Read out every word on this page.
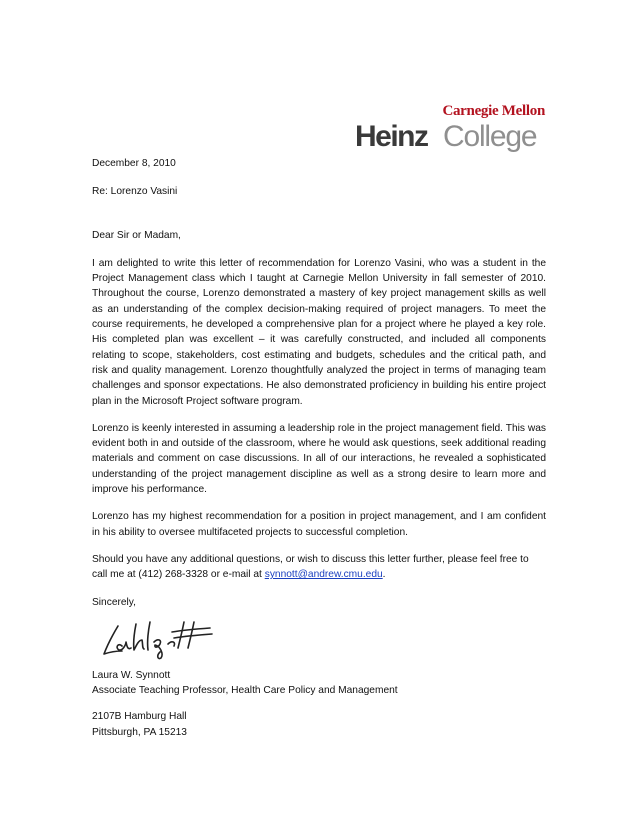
Carnegie Mellon
Heinz College

December 8, 2010

Re: Lorenzo Vasini

Dear Sir or Madam,

I am delighted to write this letter of recommendation for Lorenzo Vasini, who was a student in the Project Management class which I taught at Carnegie Mellon University in fall semester of 2010. Throughout the course, Lorenzo demonstrated a mastery of key project management skills as well as an understanding of the complex decision-making required of project managers. To meet the course requirements, he developed a comprehensive plan for a project where he played a key role. His completed plan was excellent – it was carefully constructed, and included all components relating to scope, stakeholders, cost estimating and budgets, schedules and the critical path, and risk and quality management. Lorenzo thoughtfully analyzed the project in terms of managing team challenges and sponsor expectations. He also demonstrated proficiency in building his entire project plan in the Microsoft Project software program.

Lorenzo is keenly interested in assuming a leadership role in the project management field. This was evident both in and outside of the classroom, where he would ask questions, seek additional reading materials and comment on case discussions. In all of our interactions, he revealed a sophisticated understanding of the project management discipline as well as a strong desire to learn more and improve his performance.

Lorenzo has my highest recommendation for a position in project management, and I am confident in his ability to oversee multifaceted projects to successful completion.

Should you have any additional questions, or wish to discuss this letter further, please feel free to call me at (412) 268-3328 or e-mail at synnott@andrew.cmu.edu.

Sincerely,

Laura W. Synnott

Associate Teaching Professor, Health Care Policy and Management

2107B Hamburg Hall

Pittsburgh, PA 15213
